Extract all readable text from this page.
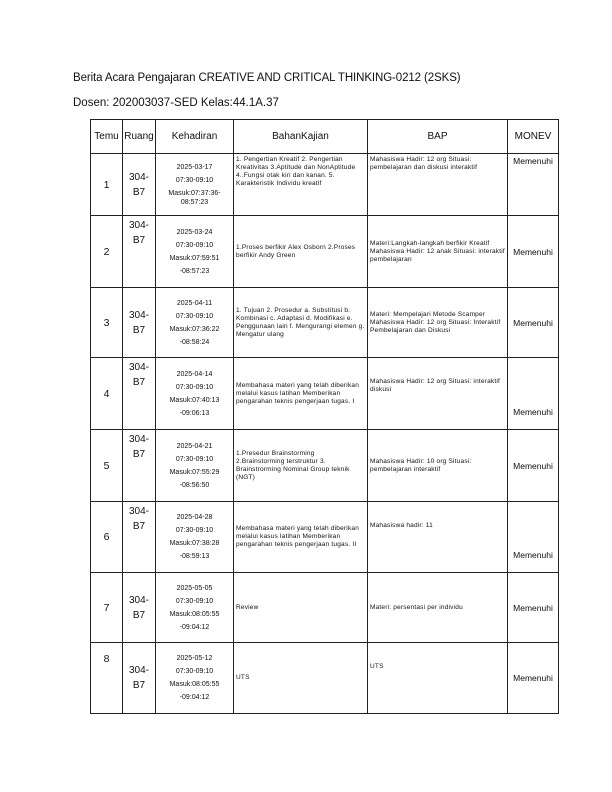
Berita Acara Pengajaran CREATIVE AND CRITICAL THINKING-0212 (2SKS)
Dosen: 202003037-SED Kelas:44.1A.37
Temu	Ruang	Kehadiran	BahanKajian	BAP	MONEV
1	304-B7	2025-03-17
07:30-09:10
Masuk:07:37:36-08:57:23	1. Pengertian Kreatif 2. Pengertian Kreativitas 3.Aptitude dan NonAptitude 4..Fungsi otak kiri dan kanan. 5. Karakteristik Individu kreatif	Mahasiswa Hadir: 12 org Situasi: pembelajaran dan diskusi interaktif	Memenuhi
2	304-B7	2025-03-24
07:30-09:10
Masuk:07:59:51
-08:57:23	1.Proses berfikir Alex Osborn 2.Proses berfikir Andy Green	Materi:Langkah-langkah berfikir Kreatif Mahasiswa Hadir: 12 anak Situasi: interaktif pembelajaran	Memenuhi
3	304-B7	2025-04-11
07:30-09:10
Masuk:07:36:22
-08:58:24	1. Tujuan 2. Prosedur a. Substitusi b. Kombinasi c. Adaptasi d. Modifikasi e. Penggunaan lain f. Mengurangi elemen g. Mengatur ulang	Materi: Mempelajari Metode Scamper Mahasiswa Hadir: 12 org Situasi: Interaktif Pembelajaran dan Diskusi	Memenuhi
4	304-B7	2025-04-14
07:30-09:10
Masuk:07:40:13
-09:06:13	Membahasa materi yang telah diberikan melalui kasus latihan Memberikan pengarahan teknis pengerjaan tugas. I	Mahasiswa Hadir: 12 org Situasi: interaktif diskusi	Memenuhi
5	304-B7	2025-04-21
07:30-09:10
Masuk:07:55:29
-08:56:50	1.Presedur Brainstorming 2.Brainstorming terstruktur 3. Brainstrorming Nominal Group teknik (NGT)	Mahasiswa Hadir: 10 org Situasi: pembelajaran interaktif	Memenuhi
6	304-B7	2025-04-28
07:30-09:10
Masuk:07:38:28
-08:59:13	Membahasa materi yang telah diberikan melalui kasus latihan Memberikan pengarahan teknis pengerjaan tugas. II	Mahasiswa hadir: 11	Memenuhi
7	304-B7	2025-05-05
07:30-09:10
Masuk:08:05:55
-09:04:12	Review	Materi: persentasi per individu	Memenuhi
8	304-B7	2025-05-12
07:30-09:10
Masuk:08:05:55
-09:04:12	UTS	UTS	Memenuhi
